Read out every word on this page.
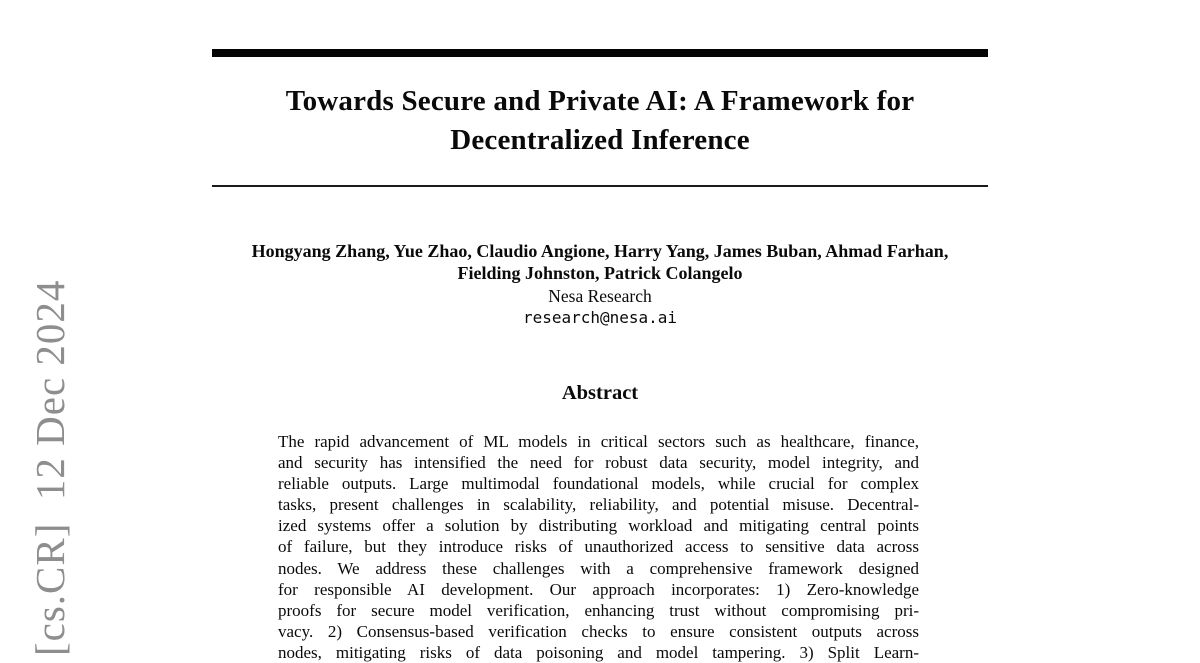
[cs.CR]  12 Dec 2024
Towards Secure and Private AI: A Framework for
Decentralized Inference
Hongyang Zhang, Yue Zhao, Claudio Angione, Harry Yang, James Buban, Ahmad Farhan,
Fielding Johnston, Patrick Colangelo
Nesa Research
research@nesa.ai
Abstract
The rapid advancement of ML models in critical sectors such as healthcare, finance,
and security has intensified the need for robust data security, model integrity, and
reliable outputs. Large multimodal foundational models, while crucial for complex
tasks, present challenges in scalability, reliability, and potential misuse. Decentral-
ized systems offer a solution by distributing workload and mitigating central points
of failure, but they introduce risks of unauthorized access to sensitive data across
nodes. We address these challenges with a comprehensive framework designed
for responsible AI development. Our approach incorporates: 1) Zero-knowledge
proofs for secure model verification, enhancing trust without compromising pri-
vacy. 2) Consensus-based verification checks to ensure consistent outputs across
nodes, mitigating risks of data poisoning and model tampering. 3) Split Learn-
